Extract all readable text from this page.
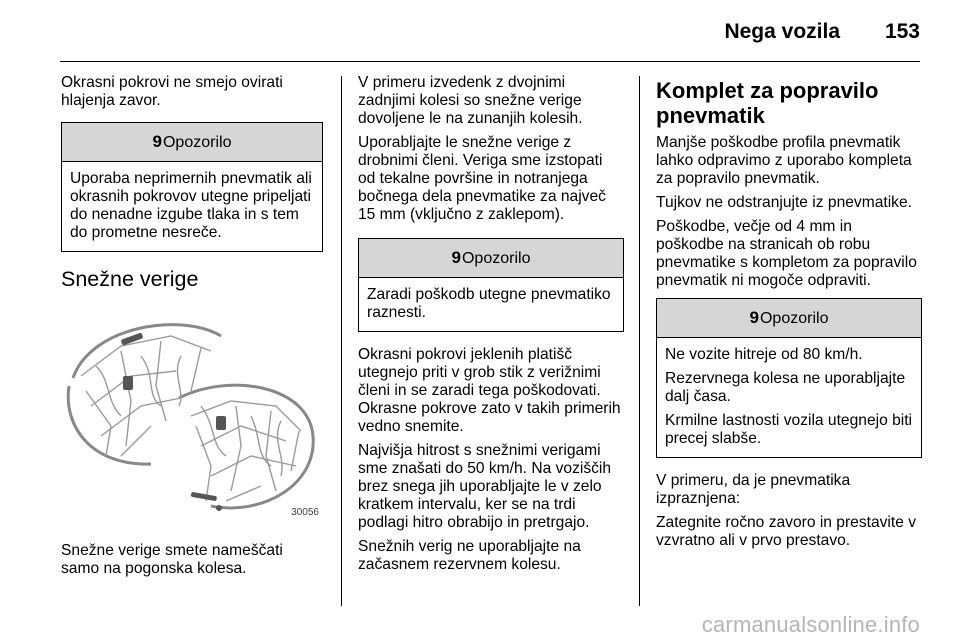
Nega vozila 153

Okrasni pokrovi ne smejo ovirati hlajenja zavor.

9Opozorilo

Uporaba neprimernih pnevmatik ali okrasnih pokrovov utegne pripeljati do nenadne izgube tlaka in s tem do prometne nesreče.

Snežne verige
30056

Snežne verige smete nameščati samo na pogonska kolesa.

V primeru izvedenk z dvojnimi zadnjimi kolesi so snežne verige dovoljene le na zunanjih kolesih.

Uporabljajte le snežne verige z drobnimi členi. Veriga sme izstopati od tekalne površine in notranjega bočnega dela pnevmatike za največ 15 mm (vključno z zaklepom).

9Opozorilo

Zaradi poškodb utegne pnevmatiko raznesti.

Okrasni pokrovi jeklenih platišč utegnejo priti v grob stik z verižnimi členi in se zaradi tega poškodovati. Okrasne pokrove zato v takih primerih vedno snemite.

Najvišja hitrost s snežnimi verigami sme znašati do 50 km/h. Na voziščih brez snega jih uporabljajte le v zelo kratkem intervalu, ker se na trdi podlagi hitro obrabijo in pretrgajo.

Snežnih verig ne uporabljajte na začasnem rezervnem kolesu.

Komplet za popravilo pnevmatik

Manjše poškodbe profila pnevmatik lahko odpravimo z uporabo kompleta za popravilo pnevmatik.

Tujkov ne odstranjujte iz pnevmatike.

Poškodbe, večje od 4 mm in poškodbe na stranicah ob robu pnevmatike s kompletom za popravilo pnevmatik ni mogoče odpraviti.

9Opozorilo

Ne vozite hitreje od 80 km/h.

Rezervnega kolesa ne uporabljajte dalj časa.

Krmilne lastnosti vozila utegnejo biti precej slabše.

V primeru, da je pnevmatika izpraznjena:

Zategnite ročno zavoro in prestavite v vzvratno ali v prvo prestavo.

carmanualsonline.info
